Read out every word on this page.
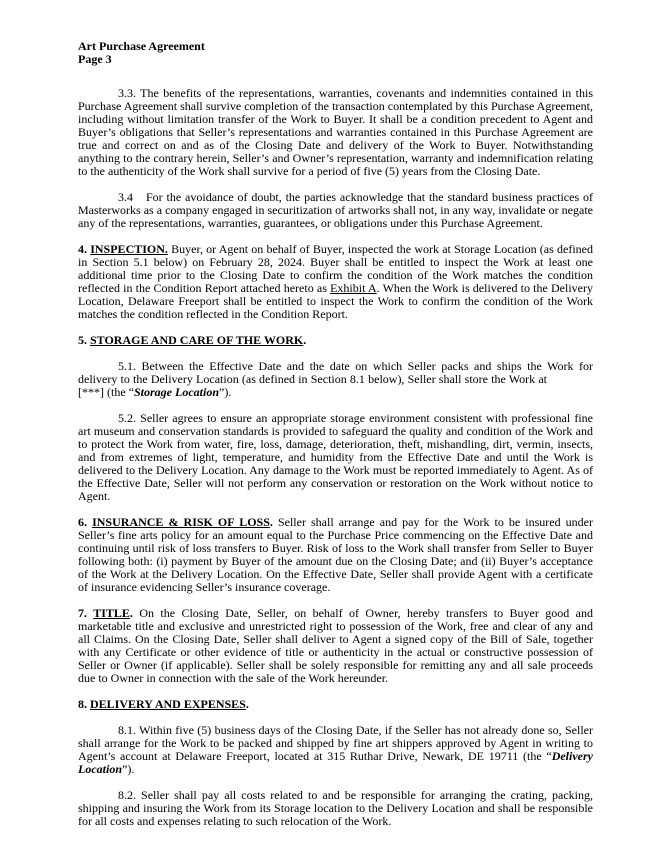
Art Purchase Agreement
Page 3

3.3. The benefits of the representations, warranties, covenants and indemnities contained in this Purchase Agreement shall survive completion of the transaction contemplated by this Purchase Agreement, including without limitation transfer of the Work to Buyer. It shall be a condition precedent to Agent and Buyer’s obligations that Seller’s representations and warranties contained in this Purchase Agreement are true and correct on and as of the Closing Date and delivery of the Work to Buyer. Notwithstanding anything to the contrary herein, Seller’s and Owner’s representation, warranty and indemnification relating to the authenticity of the Work shall survive for a period of five (5) years from the Closing Date.

3.4 For the avoidance of doubt, the parties acknowledge that the standard business practices of Masterworks as a company engaged in securitization of artworks shall not, in any way, invalidate or negate any of the representations, warranties, guarantees, or obligations under this Purchase Agreement.

4. INSPECTION. Buyer, or Agent on behalf of Buyer, inspected the work at Storage Location (as defined in Section 5.1 below) on February 28, 2024. Buyer shall be entitled to inspect the Work at least one additional time prior to the Closing Date to confirm the condition of the Work matches the condition reflected in the Condition Report attached hereto as Exhibit A. When the Work is delivered to the Delivery Location, Delaware Freeport shall be entitled to inspect the Work to confirm the condition of the Work matches the condition reflected in the Condition Report.

5. STORAGE AND CARE OF THE WORK.

5.1. Between the Effective Date and the date on which Seller packs and ships the Work for delivery to the Delivery Location (as defined in Section 8.1 below), Seller shall store the Work at[***] (the “Storage Location”).

5.2. Seller agrees to ensure an appropriate storage environment consistent with professional fine art museum and conservation standards is provided to safeguard the quality and condition of the Work and to protect the Work from water, fire, loss, damage, deterioration, theft, mishandling, dirt, vermin, insects, and from extremes of light, temperature, and humidity from the Effective Date and until the Work is delivered to the Delivery Location. Any damage to the Work must be reported immediately to Agent. As of the Effective Date, Seller will not perform any conservation or restoration on the Work without notice to Agent.

6. INSURANCE & RISK OF LOSS. Seller shall arrange and pay for the Work to be insured under Seller’s fine arts policy for an amount equal to the Purchase Price commencing on the Effective Date and continuing until risk of loss transfers to Buyer. Risk of loss to the Work shall transfer from Seller to Buyer following both: (i) payment by Buyer of the amount due on the Closing Date; and (ii) Buyer’s acceptance of the Work at the Delivery Location. On the Effective Date, Seller shall provide Agent with a certificate of insurance evidencing Seller’s insurance coverage.

7. TITLE. On the Closing Date, Seller, on behalf of Owner, hereby transfers to Buyer good and marketable title and exclusive and unrestricted right to possession of the Work, free and clear of any and all Claims. On the Closing Date, Seller shall deliver to Agent a signed copy of the Bill of Sale, together with any Certificate or other evidence of title or authenticity in the actual or constructive possession of Seller or Owner (if applicable). Seller shall be solely responsible for remitting any and all sale proceeds due to Owner in connection with the sale of the Work hereunder.

8. DELIVERY AND EXPENSES.

8.1. Within five (5) business days of the Closing Date, if the Seller has not already done so, Seller shall arrange for the Work to be packed and shipped by fine art shippers approved by Agent in writing to Agent’s account at Delaware Freeport, located at 315 Ruthar Drive, Newark, DE 19711 (the “Delivery Location”).

8.2. Seller shall pay all costs related to and be responsible for arranging the crating, packing, shipping and insuring the Work from its Storage location to the Delivery Location and shall be responsible for all costs and expenses relating to such relocation of the Work.
